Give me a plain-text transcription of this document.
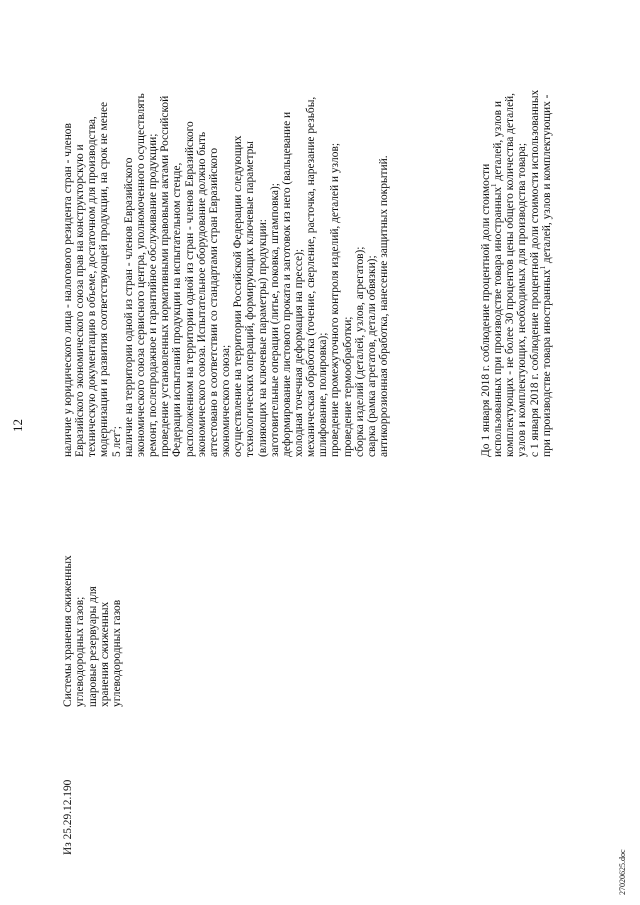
12
Из 25.29.12.190
Системы хранения сжиженных углеводородных газов; шаровые резервуары для хранения сжиженных углеводородных газов
наличие у юридического лица - налогового резидента стран - членов Евразийского экономического союза прав на конструкторскую и техническую документацию в объеме, достаточном для производства, модернизации и развития соответствующей продукции, на срок не менее 5 лет$^2$; наличие на территории одной из стран - членов Евразийского экономического союза сервисного центра, уполномоченного осуществлять ремонт, послепродажное и гарантийное обслуживание продукции; проведение установленных нормативными правовыми актами Российской Федерации испытаний продукции на испытательном стенде, расположенном на территории одной из стран - членов Евразийского экономического союза. Испытательное оборудование должно быть аттестовано в соответствии со стандартами стран Евразийского экономического союза; осуществление на территории Российской Федерации следующих технологических операций, формирующих ключевые параметры (влияющих на ключевые параметры) продукции: заготовительные операции (литье, поковка, штамповка); деформирование листового проката и заготовок из него (вальцевание и холодная точечная деформация на прессе); механическая обработка (точение, сверление, расточка, нарезание резьбы, шлифование, полировка); проведение промежуточного контроля изделий, деталей и узлов; проведение термообработки; сборка изделий (деталей, узлов, агрегатов); сварка (рамка агрегатов, детали обвязки); антикоррозионная обработка, нанесение защитных покрытий.	До 1 января 2018 г. соблюдение процентной доли стоимости использованных при производстве товара иностранных$^1$ деталей, узлов и комплектующих - не более 30 процентов цены общего количества деталей, узлов и комплектующих, необходимых для производства товара; с 1 января 2018 г. соблюдение процентной доли стоимости использованных при производстве товара иностранных$^1$ деталей, узлов и комплектующих -
27020625.doc
